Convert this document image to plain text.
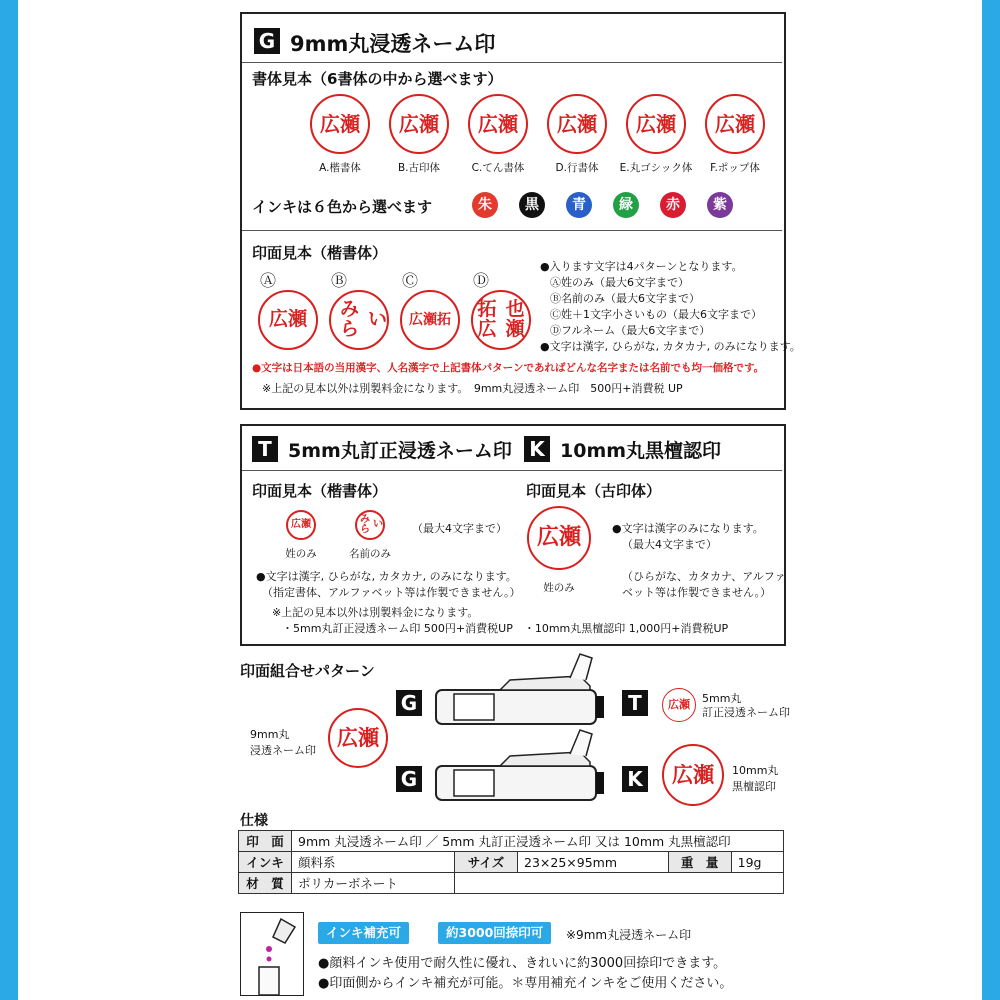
G 9mm丸浸透ネーム印
書体見本（6書体の中から選べます）
広 瀬
A.楷書体
広 瀬
B.古印体
広 瀬
C.てん書体
広 瀬
D.行書体
広 瀬
E.丸ゴシック体
広 瀬
F.ポップ体
インキは６色から選べます	朱	黒	青	緑	赤	紫
印面見本（楷書体）
Ⓐ
広 瀬
Ⓑ
みら い
Ⓒ
広 瀬 拓
Ⓓ
拓広
也瀬
●入ります文字は4パターンとなります。
Ⓐ姓のみ（最大6文字まで）
Ⓑ名前のみ（最大6文字まで）
Ⓒ姓＋1文字小さいもの（最大6文字まで）
Ⓓフルネーム（最大6文字まで）
●文字は漢字, ひらがな, カタカナ, のみになります。
●文字は日本語の当用漢字、人名漢字で上記書体パターンであればどんな名字または名前でも均一価格です。
※上記の見本以外は別製料金になります。　9mm丸浸透ネーム印　500円+消費税 UP
T 5mm丸訂正浸透ネーム印 K 10mm丸黒檀認印
印面見本（楷書体）
広 瀬
姓のみ
みら い
名前のみ
（最大4文字まで）
●文字は漢字, ひらがな, カタカナ, のみになります。
（指定書体、アルファベット等は作製できません。）
※上記の見本以外は別製料金になります。
・5mm丸訂正浸透ネーム印 500円+消費税UP　・10mm丸黒檀認印 1,000円+消費税UP
印面見本（古印体）
広 瀬
姓のみ
●文字は漢字のみになります。
（最大4文字まで）
（ひらがな、カタカナ、アルファ
ベット等は作製できません。）
印面組合せパターン
9mm丸
浸透ネーム印
広 瀬
G	T	広 瀬 5mm丸
訂正浸透ネーム印
G	K 広 瀬 10mm丸
黒檀認印
仕様
印　面	9mm 丸浸透ネーム印 ／ 5mm 丸訂正浸透ネーム印 又は 10mm 丸黒檀認印				
インキ	顔料系	サイズ	23×25×95mm	重　量	19g
材　質	ポリカーボネート				
インキ補充可	約3000回捺印可	※9mm丸浸透ネーム印
●顔料インキ使用で耐久性に優れ、きれいに約3000回捺印できます。
●印面側からインキ補充が可能。＊専用補充インキをご使用ください。
